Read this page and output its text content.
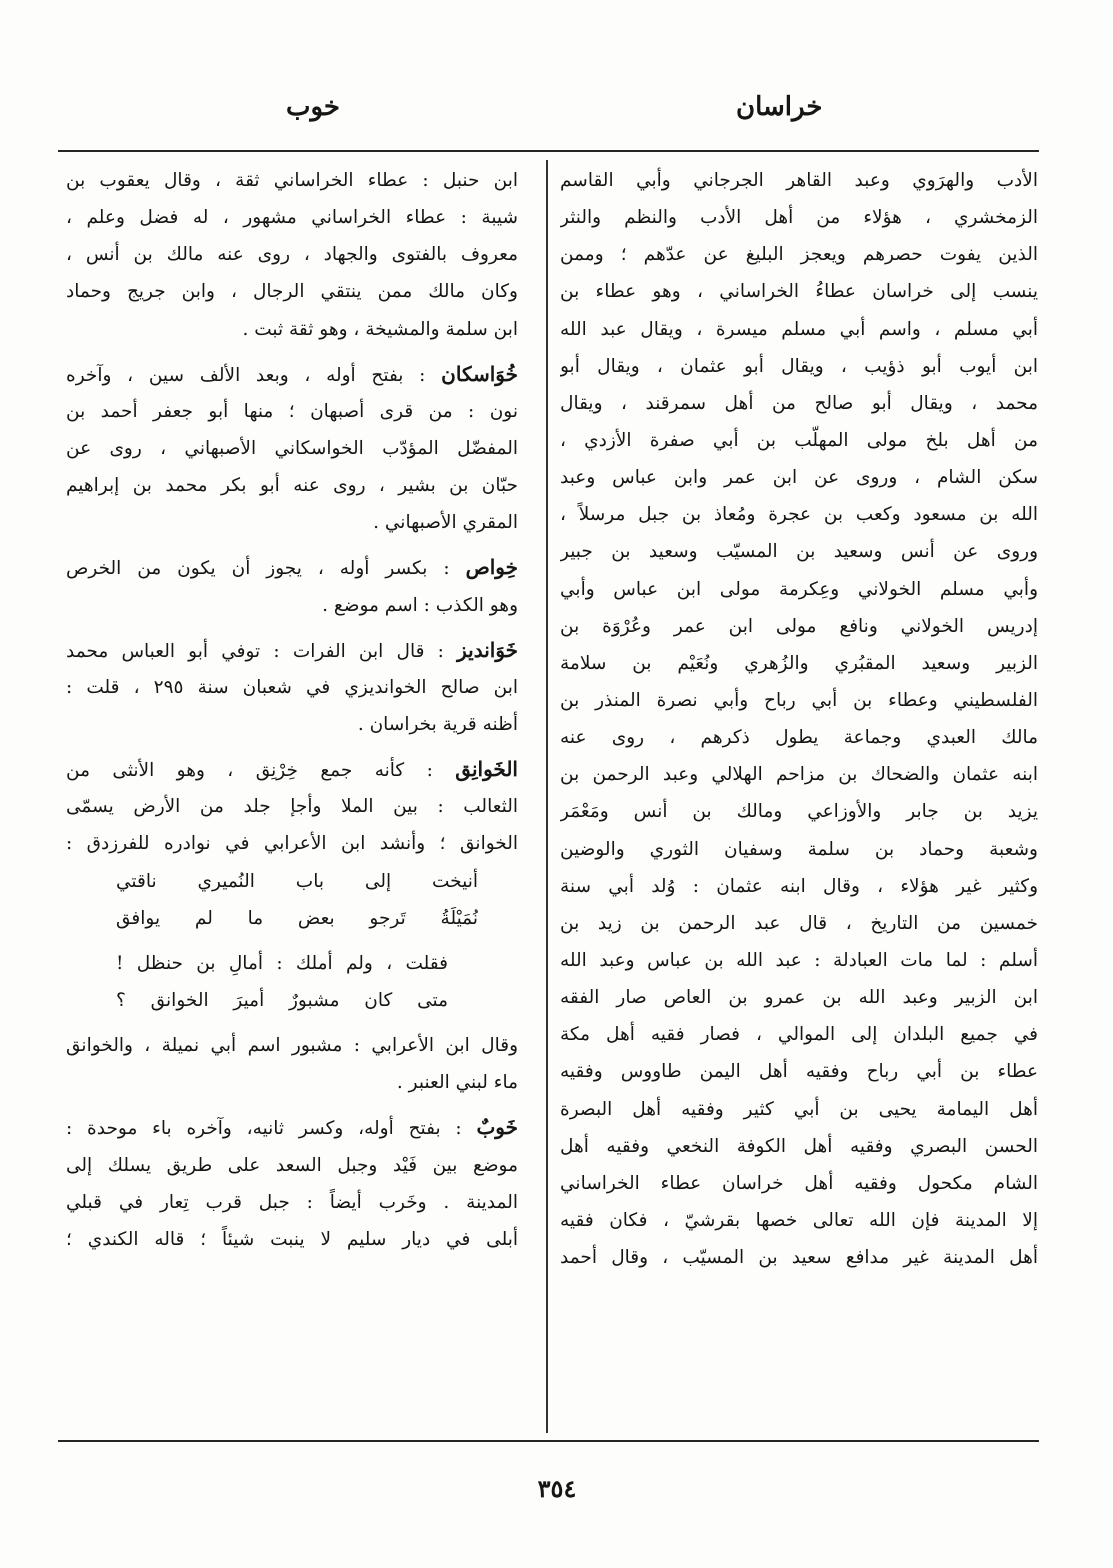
خراسان
خوب
الأدب والهرَوي وعبد القاهر الجرجاني وأبي القاسم
الزمخشري ، هؤلاء من أهل الأدب والنظم والنثر
الذين يفوت حصرهم ويعجز البليغ عن عدّهم ؛ وممن
ينسب إلى خراسان عطاءُ الخراساني ، وهو عطاء بن
أبي مسلم ، واسم أبي مسلم ميسرة ، ويقال عبد الله
ابن أيوب أبو ذؤيب ، ويقال أبو عثمان ، ويقال أبو
محمد ، ويقال أبو صالح من أهل سمرقند ، ويقال
من أهل بلخ مولى المهلّب بن أبي صفرة الأزدي ،
سكن الشام ، وروى عن ابن عمر وابن عباس وعبد
الله بن مسعود وكعب بن عجرة ومُعاذ بن جبل مرسلاً ،
وروى عن أنس وسعيد بن المسيّب وسعيد بن جبير
وأبي مسلم الخولاني وعِكرمة مولى ابن عباس وأبي
إدريس الخولاني ونافع مولى ابن عمر وعُرْوَة بن
الزبير وسعيد المقبُري والزُهري ونُعَيْم بن سلامة
الفلسطيني وعطاء بن أبي رباح وأبي نصرة المنذر بن
مالك العبدي وجماعة يطول ذكرهم ، روى عنه
ابنه عثمان والضحاك بن مزاحم الهلالي وعبد الرحمن بن
يزيد بن جابر والأوزاعي ومالك بن أنس ومَعْمَر
وشعبة وحماد بن سلمة وسفيان الثوري والوضين
وكثير غير هؤلاء ، وقال ابنه عثمان : وُلد أبي سنة
خمسين من التاريخ ، قال عبد الرحمن بن زيد بن
أسلم : لما مات العبادلة : عبد الله بن عباس وعبد الله
ابن الزبير وعبد الله بن عمرو بن العاص صار الفقه
في جميع البلدان إلى الموالي ، فصار فقيه أهل مكة
عطاء بن أبي رباح وفقيه أهل اليمن طاووس وفقيه
أهل اليمامة يحيى بن أبي كثير وفقيه أهل البصرة
الحسن البصري وفقيه أهل الكوفة النخعي وفقيه أهل
الشام مكحول وفقيه أهل خراسان عطاء الخراساني
إلا المدينة فإن الله تعالى خصها بقرشيّ ، فكان فقيه
أهل المدينة غير مدافع سعيد بن المسيّب ، وقال أحمد
ابن حنبل : عطاء الخراساني ثقة ، وقال يعقوب بن
شيبة : عطاء الخراساني مشهور ، له فضل وعلم ،
معروف بالفتوى والجهاد ، روى عنه مالك بن أنس ،
وكان مالك ممن ينتقي الرجال ، وابن جريج وحماد
ابن سلمة والمشيخة ، وهو ثقة ثبت .
خُوَاسكان : بفتح أوله ، وبعد الألف سين ، وآخره
نون : من قرى أصبهان ؛ منها أبو جعفر أحمد بن
المفضّل المؤدّب الخواسكاني الأصبهاني ، روى عن
حبّان بن بشير ، روى عنه أبو بكر محمد بن إبراهيم
المقري الأصبهاني .
خِواص : بكسر أوله ، يجوز أن يكون من الخرص
وهو الكذب : اسم موضع .
خَوَانديز : قال ابن الفرات : توفي أبو العباس محمد
ابن صالح الخوانديزي في شعبان سنة ٢٩٥ ، قلت :
أظنه قرية بخراسان .
الخَوانِق : كأنه جمع خِرْنِق ، وهو الأنثى من
الثعالب : بين الملا وأجإ جلد من الأرض يسمّى
الخوانق ؛ وأنشد ابن الأعرابي في نوادره للفرزدق :
أنيخت إلى باب النُميري ناقتي
نُمَيْلَةُ تَرجو بعض ما لم يوافق
فقلت ، ولم أملك : أمالِ بن حنظل !
متى كان مشبورٌ أميرَ الخوانق ؟
وقال ابن الأعرابي : مشبور اسم أبي نميلة ، والخوانق
ماء لبني العنبر .
خَوبٌ : بفتح أوله، وكسر ثانيه، وآخره باء موحدة :
موضع بين فَيْد وجبل السعد على طريق يسلك إلى
المدينة . وخَرب أيضاً : جبل قرب تِعار في قبلي
أبلى في ديار سليم لا ينبت شيئاً ؛ قاله الكندي ؛
٣٥٤
